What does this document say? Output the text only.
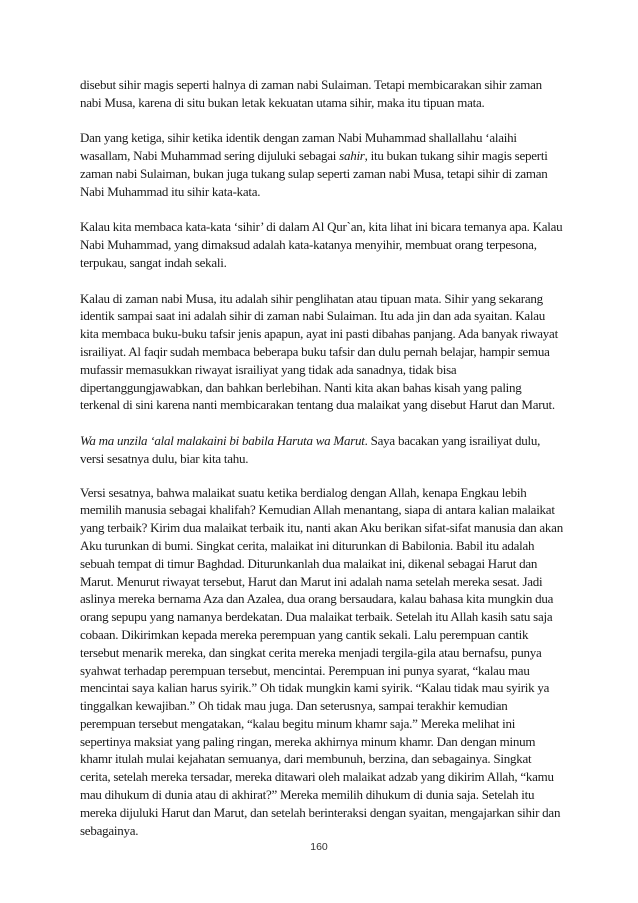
disebut sihir magis seperti halnya di zaman nabi Sulaiman. Tetapi membicarakan sihir zaman nabi Musa, karena di situ bukan letak kekuatan utama sihir, maka itu tipuan mata.

Dan yang ketiga, sihir ketika identik dengan zaman Nabi Muhammad shallallahu ‘alaihi wasallam, Nabi Muhammad sering dijuluki sebagai sahir, itu bukan tukang sihir magis seperti zaman nabi Sulaiman, bukan juga tukang sulap seperti zaman nabi Musa, tetapi sihir di zaman Nabi Muhammad itu sihir kata-kata.

Kalau kita membaca kata-kata ‘sihir’ di dalam Al Qur`an, kita lihat ini bicara temanya apa. Kalau Nabi Muhammad, yang dimaksud adalah kata-katanya menyihir, membuat orang terpesona, terpukau, sangat indah sekali.

Kalau di zaman nabi Musa, itu adalah sihir penglihatan atau tipuan mata. Sihir yang sekarang identik sampai saat ini adalah sihir di zaman nabi Sulaiman. Itu ada jin dan ada syaitan. Kalau kita membaca buku-buku tafsir jenis apapun, ayat ini pasti dibahas panjang. Ada banyak riwayat israiliyat. Al faqir sudah membaca beberapa buku tafsir dan dulu pernah belajar, hampir semua mufassir memasukkan riwayat israiliyat yang tidak ada sanadnya, tidak bisa dipertanggungjawabkan, dan bahkan berlebihan. Nanti kita akan bahas kisah yang paling terkenal di sini karena nanti membicarakan tentang dua malaikat yang disebut Harut dan Marut.

Wa ma unzila ‘alal malakaini bi babila Haruta wa Marut. Saya bacakan yang israiliyat dulu, versi sesatnya dulu, biar kita tahu.

Versi sesatnya, bahwa malaikat suatu ketika berdialog dengan Allah, kenapa Engkau lebih memilih manusia sebagai khalifah? Kemudian Allah menantang, siapa di antara kalian malaikat yang terbaik? Kirim dua malaikat terbaik itu, nanti akan Aku berikan sifat-sifat manusia dan akan Aku turunkan di bumi. Singkat cerita, malaikat ini diturunkan di Babilonia. Babil itu adalah sebuah tempat di timur Baghdad. Diturunkanlah dua malaikat ini, dikenal sebagai Harut dan Marut. Menurut riwayat tersebut, Harut dan Marut ini adalah nama setelah mereka sesat. Jadi aslinya mereka bernama Aza dan Azalea, dua orang bersaudara, kalau bahasa kita mungkin dua orang sepupu yang namanya berdekatan. Dua malaikat terbaik. Setelah itu Allah kasih satu saja cobaan. Dikirimkan kepada mereka perempuan yang cantik sekali. Lalu perempuan cantik tersebut menarik mereka, dan singkat cerita mereka menjadi tergila-gila atau bernafsu, punya syahwat terhadap perempuan tersebut, mencintai. Perempuan ini punya syarat, “kalau mau mencintai saya kalian harus syirik.” Oh tidak mungkin kami syirik. “Kalau tidak mau syirik ya tinggalkan kewajiban.” Oh tidak mau juga. Dan seterusnya, sampai terakhir kemudian perempuan tersebut mengatakan, “kalau begitu minum khamr saja.” Mereka melihat ini sepertinya maksiat yang paling ringan, mereka akhirnya minum khamr. Dan dengan minum khamr itulah mulai kejahatan semuanya, dari membunuh, berzina, dan sebagainya. Singkat cerita, setelah mereka tersadar, mereka ditawari oleh malaikat adzab yang dikirim Allah, “kamu mau dihukum di dunia atau di akhirat?” Mereka memilih dihukum di dunia saja. Setelah itu mereka dijuluki Harut dan Marut, dan setelah berinteraksi dengan syaitan, mengajarkan sihir dan sebagainya.

160
